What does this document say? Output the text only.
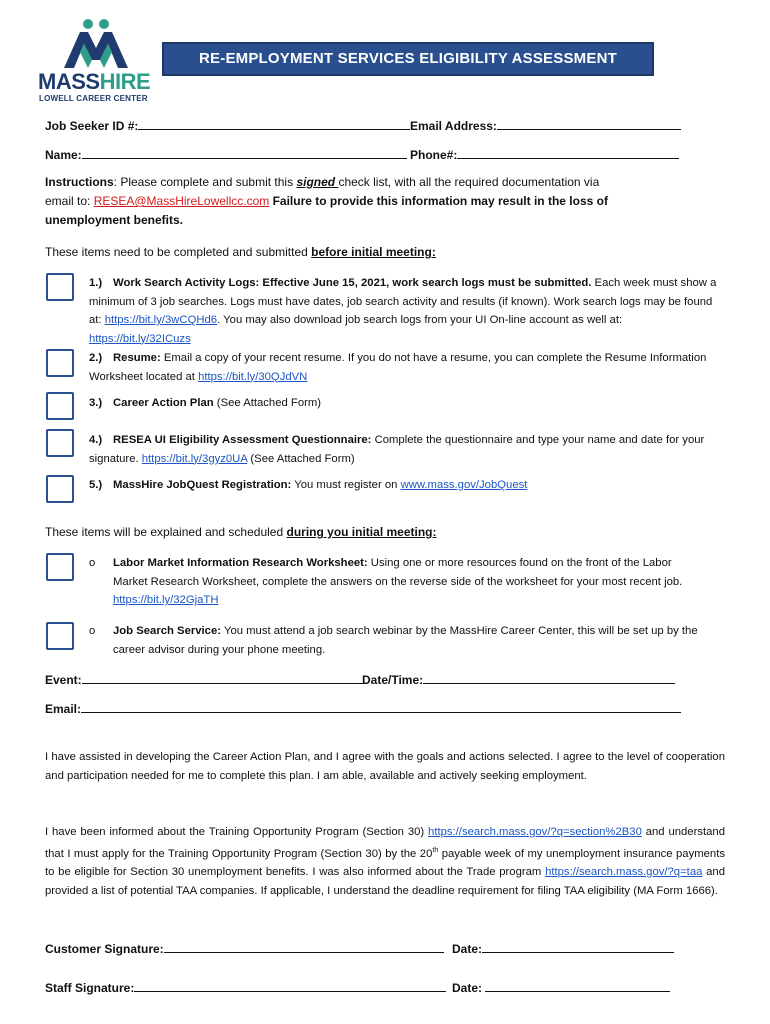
MASSHIRE
LOWELL CAREER CENTER
RE-EMPLOYMENT SERVICES ELIGIBILITY ASSESSMENT
Job Seeker ID #:	Email Address:
Name:	Phone#:
Instructions: Please complete and submit this signed check list, with all the required documentation via
email to: RESEA@MassHireLowellcc.com Failure to provide this information may result in the loss of unemployment benefits.
These items need to be completed and submitted before initial meeting:
1.) Work Search Activity Logs: Effective June 15, 2021, work search logs must be submitted. Each week must show a minimum of 3 job searches. Logs must have dates, job search activity and results (if known). Work search logs may be found at: https://bit.ly/3wCQHd6. You may also download job search logs from your UI On-line account as well at: https://bit.ly/32ICuzs
2.) Resume: Email a copy of your recent resume. If you do not have a resume, you can complete the Resume Information Worksheet located at https://bit.ly/30QJdVN
3.) Career Action Plan (See Attached Form)
4.) RESEA UI Eligibility Assessment Questionnaire: Complete the questionnaire and type your name and date for your signature. https://bit.ly/3gyz0UA (See Attached Form)
5.) MassHire JobQuest Registration: You must register on www.mass.gov/JobQuest
These items will be explained and scheduled during you initial meeting:
o	Labor Market Information Research Worksheet: Using one or more resources found on the front of the Labor Market Research Worksheet, complete the answers on the reverse side of the worksheet for your most recent job. https://bit.ly/32GjaTH
o	Job Search Service: You must attend a job search webinar by the MassHire Career Center, this will be set up by the career advisor during your phone meeting.
Event:	Date/Time:
Email:
I have assisted in developing the Career Action Plan, and I agree with the goals and actions selected. I agree to the level of cooperation and participation needed for me to complete this plan. I am able, available and actively seeking employment.
I have been informed about the Training Opportunity Program (Section 30) https://search.mass.gov/?q=section%2B30 and understand that I must apply for the Training Opportunity Program (Section 30) by the 20th payable week of my unemployment insurance payments to be eligible for Section 30 unemployment benefits. I was also informed about the Trade program https://search.mass.gov/?q=taa and provided a list of potential TAA companies. If applicable, I understand the deadline requirement for filing TAA eligibility (MA Form 1666).
Customer Signature:	Date:
Staff Signature:	Date:
